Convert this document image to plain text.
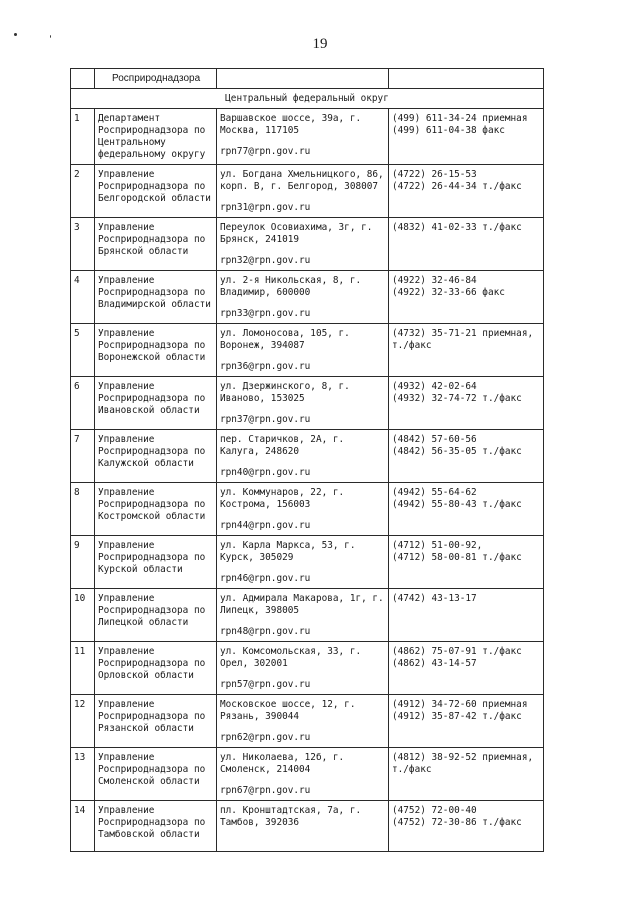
19
	Росприроднадзора		
Центральный федеральный округ			
1	Департамент
Росприроднадзора по
Центральному
федеральному округу	Варшавское шоссе, 39а, г.
Москва, 117105
rpn77@rpn.gov.ru	(499) 611-34-24 приемная
(499) 611-04-38 факс

2	Управление
Росприроднадзора по
Белгородской области	ул. Богдана Хмельницкого, 86,
корп. В, г. Белгород, 308007
rpn31@rpn.gov.ru	(4722) 26-15-53
(4722) 26-44-34 т./факс

3	Управление
Росприроднадзора по
Брянской области	Переулок Осовиахима, 3г, г.
Брянск, 241019
rpn32@rpn.gov.ru	(4832) 41-02-33 т./факс

4	Управление
Росприроднадзора по
Владимирской области	ул. 2-я Никольская, 8, г.
Владимир, 600000
rpn33@rpn.gov.ru	(4922) 32-46-84
(4922) 32-33-66 факс

5	Управление
Росприроднадзора по
Воронежской области	ул. Ломоносова, 105, г.
Воронеж, 394087
rpn36@rpn.gov.ru	(4732) 35-71-21 приемная,
т./факс

6	Управление
Росприроднадзора по
Ивановской области	ул. Дзержинского, 8, г.
Иваново, 153025
rpn37@rpn.gov.ru	(4932) 42-02-64
(4932) 32-74-72 т./факс

7	Управление
Росприроднадзора по
Калужской области	пер. Старичков, 2А, г.
Калуга, 248620
rpn40@rpn.gov.ru	(4842) 57-60-56
(4842) 56-35-05 т./факс

8	Управление
Росприроднадзора по
Костромской области	ул. Коммунаров, 22, г.
Кострома, 156003
rpn44@rpn.gov.ru	(4942) 55-64-62
(4942) 55-80-43 т./факс

9	Управление
Росприроднадзора по
Курской области	ул. Карла Маркса, 53, г.
Курск, 305029
rpn46@rpn.gov.ru	(4712) 51-00-92,
(4712) 58-00-81 т./факс

10	Управление
Росприроднадзора по
Липецкой области	ул. Адмирала Макарова, 1г, г.
Липецк, 398005
rpn48@rpn.gov.ru	(4742) 43-13-17

11	Управление
Росприроднадзора по
Орловской области	ул. Комсомольская, 33, г.
Орел, 302001
rpn57@rpn.gov.ru	(4862) 75-07-91 т./факс
(4862) 43-14-57

12	Управление
Росприроднадзора по
Рязанской области	Московское шоссе, 12, г.
Рязань, 390044
rpn62@rpn.gov.ru	(4912) 34-72-60 приемная
(4912) 35-87-42 т./факс

13	Управление
Росприроднадзора по
Смоленской области	ул. Николаева, 12б, г.
Смоленск, 214004
rpn67@rpn.gov.ru	(4812) 38-92-52 приемная,
т./факс

14	Управление
Росприроднадзора по
Тамбовской области	пл. Кронштадтская, 7а, г.
Тамбов, 392036	(4752) 72-00-40
(4752) 72-30-86 т./факс
